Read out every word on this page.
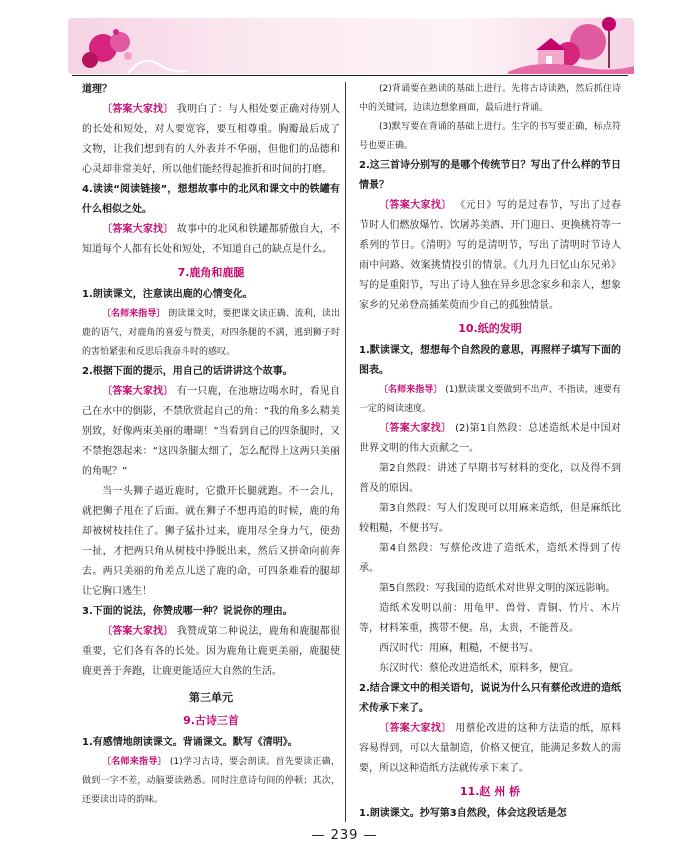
道理？

〔答案大家找〕 我明白了：与人相处要正确对待别人的长处和短处，对人要宽容，要互相尊重。胸瓣最后成了文物，让我们想到有的人外表并不华丽，但他们的品德和心灵却非常美好，所以他们能经得起推折和时间的打磨。

4.读读“阅读链接”，想想故事中的北风和课文中的铁罐有什么相似之处。

〔答案大家找〕 故事中的北风和铁罐都骄傲自大，不知道每个人都有长处和短处，不知道自己的缺点是什么。

7.鹿角和鹿腿

1.朗读课文，注意读出鹿的心情变化。

〔名师来指导〕 朗读课文时，要把课文读正确、流利，读出鹿的语气，对鹿角的喜爱与赞美，对四条腿的不满，逃到狮子时的害怕紧张和反思后我奋斗时的感叹。

2.根据下面的提示，用自己的话讲讲这个故事。

〔答案大家找〕 有一只鹿，在池塘边喝水时，看见自己在水中的倒影，不禁欣赏起自己的角：“我的角多么精美别致，好像两束美丽的珊瑚！”当看到自己的四条腿时，又不禁抱怨起来：“这四条腿太细了，怎么配得上这两只美丽的角呢？”

当一头狮子逼近鹿时，它撒开长腿就跑。不一会儿，就把狮子甩在了后面。就在狮子不想再追的时候，鹿的角却被树枝挂住了。狮子猛扑过来，鹿用尽全身力气，使劲一扯，才把两只角从树枝中挣脱出来，然后又拼命向前奔去。两只美丽的角差点儿送了鹿的命，可四条难看的腿却让它胸口逃生！

3.下面的说法，你赞成哪一种？说说你的理由。

〔答案大家找〕 我赞成第二种说法，鹿角和鹿腿都很重要，它们各有各的长处。因为鹿角让鹿更美丽，鹿腿使鹿更善于奔跑，让鹿更能适应大自然的生活。

第三单元

9.古诗三首

1.有感情地朗读课文。背诵课文。默写《清明》。

〔名师来指导〕 (1)学习古诗，要会朗读。首先要读正确，做到一字不差，动脑要读熟悉。同时注意诗句间的停顿；其次，还要读出诗的韵味。

(2)背诵要在熟读的基础上进行。先将古诗读熟，然后抓住诗中的关键词，边读边想象画面，最后进行背诵。

(3)默写要在背诵的基础上进行。生字的书写要正确，标点符号也要正确。

2.这三首诗分别写的是哪个传统节日？写出了什么样的节日情景？

〔答案大家找〕 《元日》写的是过春节，写出了过春节时人们燃放爆竹、饮屠苏美酒、开门迎日、更换桃符等一系列的节日。《清明》写的是清明节，写出了清明时节诗人雨中问路、效案挑情投引的情景。《九月九日忆山东兄弟》写的是重阳节，写出了诗人独在异乡思念家乡和亲人，想象家乡的兄弟登高插茱萸而少自己的孤独情景。

10.纸的发明

1.默读课文，想想每个自然段的意思，再照样子填写下面的图表。

〔名师来指导〕 (1)默读课文要做到不出声、不指读，速要有一定的阅读速度。

〔答案大家找〕 (2)第1自然段：总述造纸术是中国对世界文明的伟大贡献之一。

第2自然段：讲述了早期书写材料的变化，以及得不到普及的原因。

第3自然段：写人们发现可以用麻来造纸，但是麻纸比较粗糙，不便书写。

第4自然段：写蔡伦改进了造纸术，造纸术得到了传承。

第5自然段：写我国的造纸术对世界文明的深远影响。

造纸术发明以前：用龟甲、兽骨、青铜、竹片、木片等，材料笨重，携带不便。帛，太贵，不能普及。

西汉时代：用麻，粗糙，不便书写。

东汉时代：蔡伦改进造纸术，原料多，便宜。

2.结合课文中的相关语句，说说为什么只有蔡伦改进的造纸术传承下来了。

〔答案大家找〕 用蔡伦改进的这种方法造的纸，原料容易得到，可以大量制造，价格又便宜，能满足多数人的需要，所以这种造纸方法就传承下来了。

11.赵 州 桥

1.朗读课文。抄写第3自然段，体会这段话是怎

— 239 —
